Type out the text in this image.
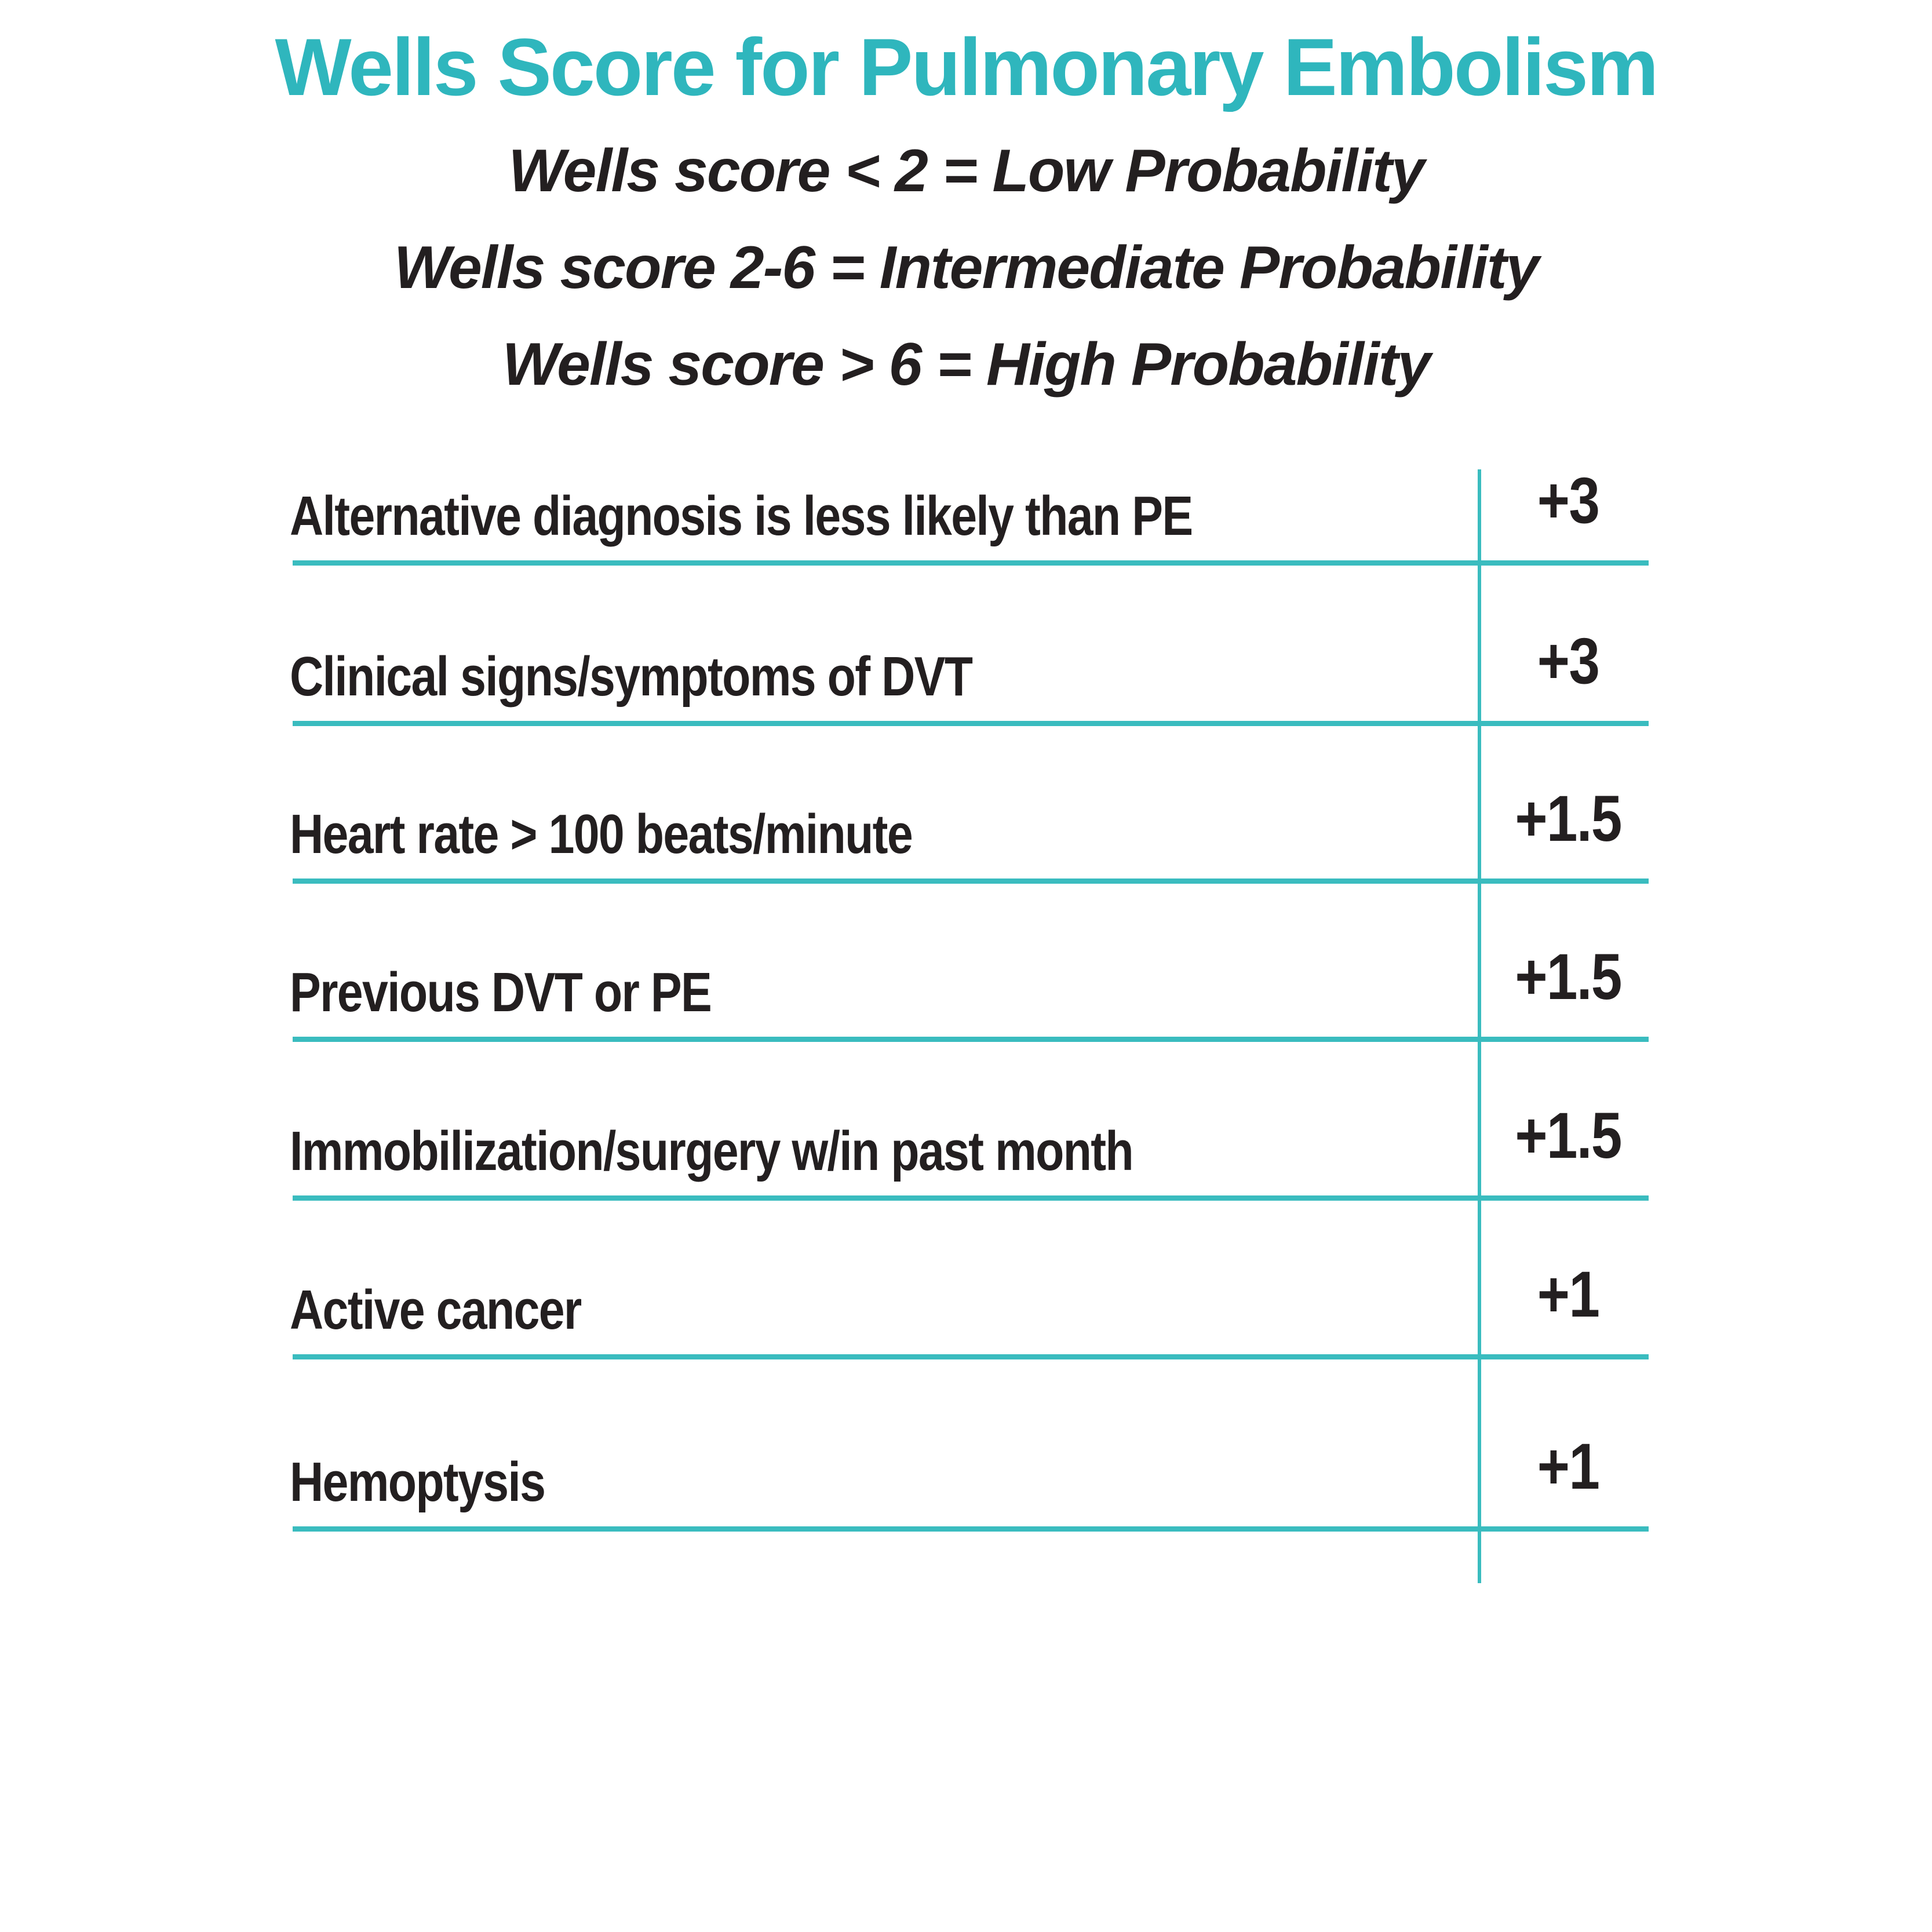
Wells Score for Pulmonary Embolism
Wells score < 2 = Low Probability
Wells score 2-6 = Intermediate Probability
Wells score > 6 = High Probability
Alternative diagnosis is less likely than PE	+3
Clinical signs/symptoms of DVT	+3
Heart rate > 100 beats/minute	+1.5
Previous DVT or PE	+1.5
Immobilization/surgery w/in past month	+1.5
Active cancer	+1
Hemoptysis	+1
